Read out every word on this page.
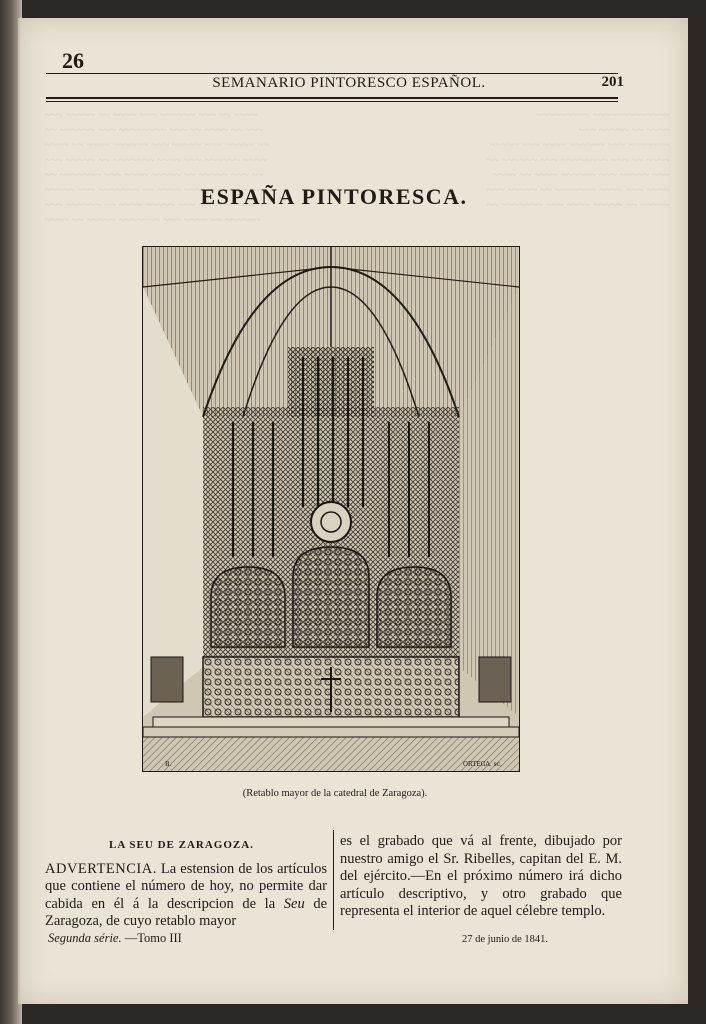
~~~ ~~~~~ ~~ ~~~~ ~~~ ~~~~~~ ~~~ ~~ ~~~~
~~ ~~~~~~ ~~~ ~~~~~~~~ ~~~ ~~ ~~~~ ~~ ~~~
~~~~ ~~ ~~~~ ~~~~~~ ~~~ ~~~~~ ~~~ ~~~~~ ~~
~~~ ~~~~~ ~~ ~~~~~~~ ~~~~ ~~~ ~~~~~~ ~~~~
~~ ~~~~~~~ ~~~ ~~~~ ~~~~~ ~~ ~~~~~ ~~~ ~~
~~~~~ ~~~ ~~~~~~~ ~~ ~~~~ ~~~~~~ ~~ ~~~~
~~~ ~~~~~~ ~~ ~~~~ ~~~~~ ~~~ ~~~~ ~~~~~ ~
~~~~ ~~ ~~~~~ ~~~~~~~ ~~~ ~~~~ ~~ ~~~~~~
~~~~~~~~~ ~~~~~~~~~~~~~
~~~ ~~~~~ ~~ ~~~~
~~~~~ ~~~ ~~~~ ~~~~~~ ~~~ ~~~~~~~
~~ ~~~~~~ ~~~ ~~~~~~~~ ~~~ ~~ ~~~~
~~~~ ~~ ~~~~ ~~~~~~ ~~~ ~~~~~ ~~~
~~~ ~~~~~ ~~ ~~~~~~~ ~~~~ ~~~ ~~~~
~~ ~~~~~~~ ~~~ ~~~~ ~~~~~ ~~ ~~~~~
26
SEMANARIO PINTORESCO ESPAÑOL.	201
ESPAÑA PINTORESCA.
B.	ORTEGA. sc.
(Retablo mayor de la catedral de Zaragoza).
LA SEU DE ZARAGOZA.
ADVERTENCIA. La estension de los artículos que contiene el número de hoy, no permite dar cabida en él á la descripcion de la Seu de Zaragoza, de cuyo retablo mayor
es el grabado que vá al frente, dibujado por nuestro amigo el Sr. Ribelles, capitan del E. M. del ejército.—En el próximo número irá dicho artículo descriptivo, y otro grabado que representa el interior de aquel célebre templo.
Segunda série. —Tomo III	27 de junio de 1841.
